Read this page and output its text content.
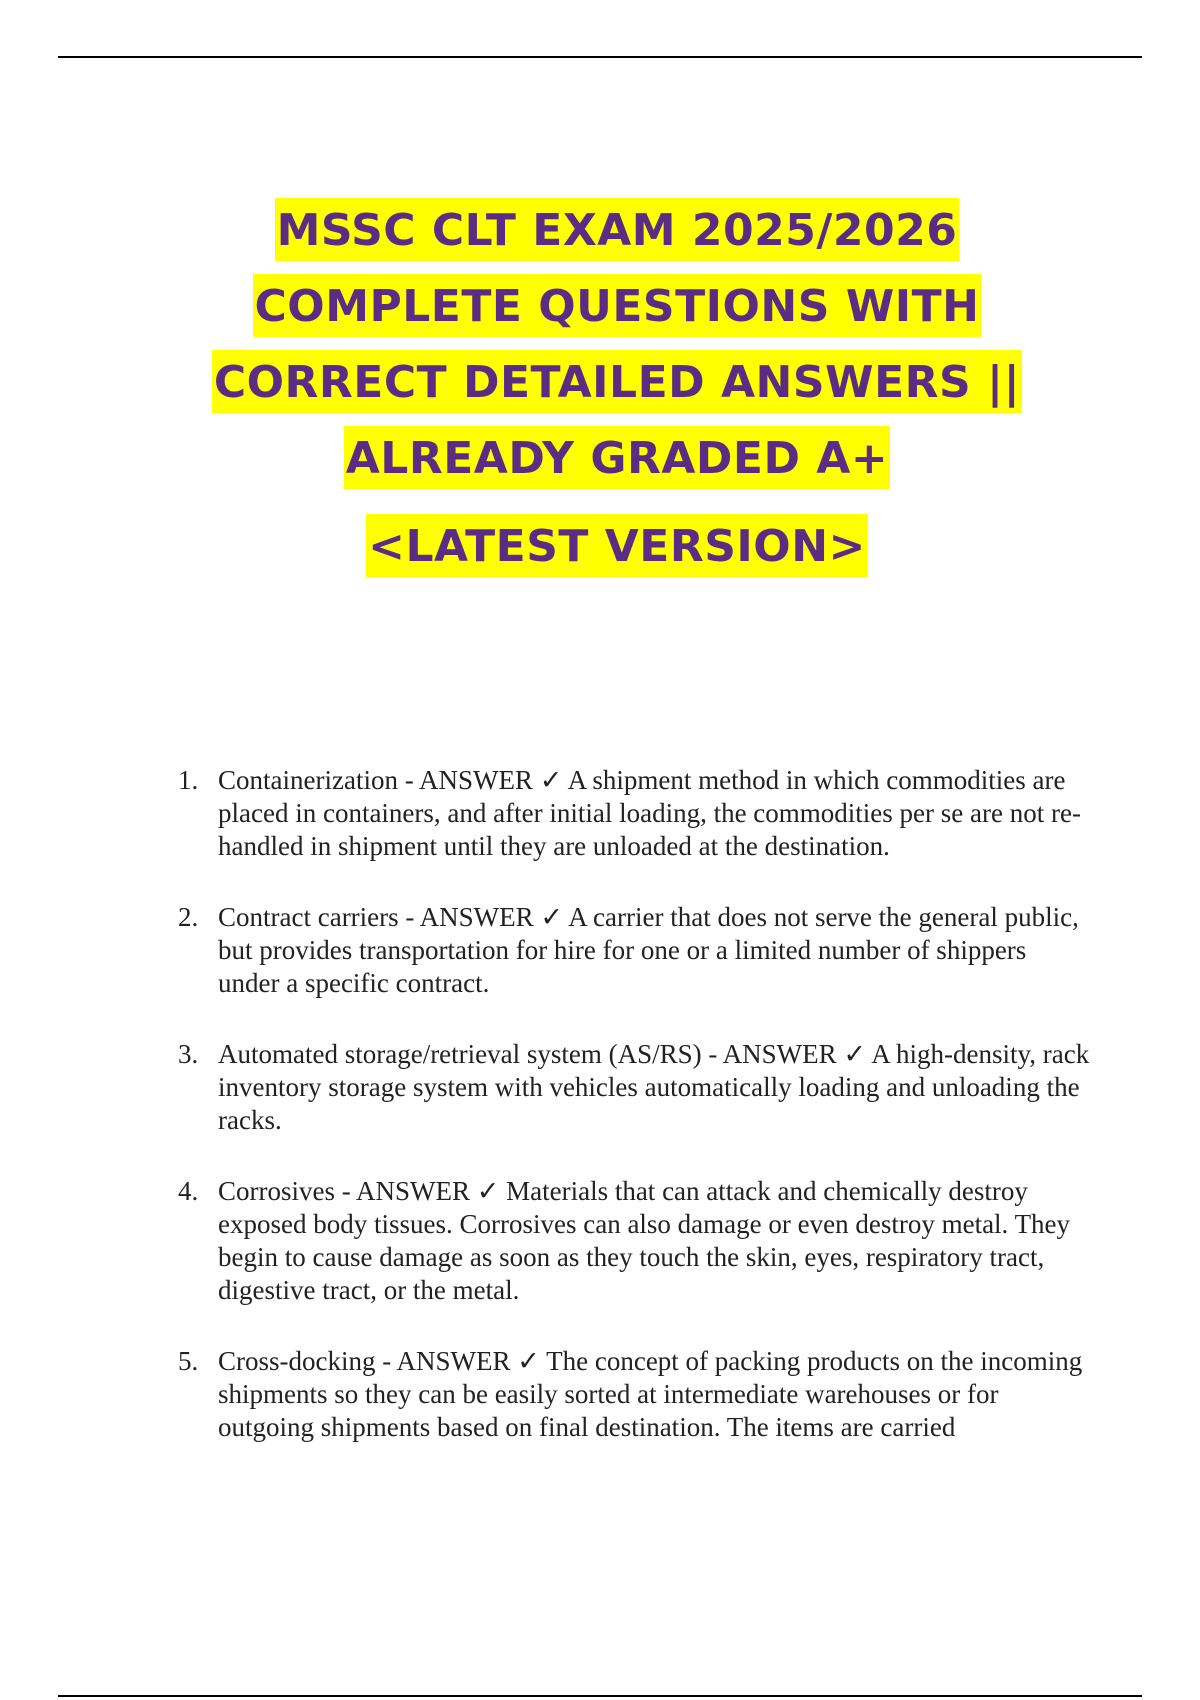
MSSC CLT EXAM 2025/2026
COMPLETE QUESTIONS WITH
CORRECT DETAILED ANSWERS ||
ALREADY GRADED A+
<LATEST VERSION>
1. Containerization - ANSWER ✓ A shipment method in which commodities are placed in containers, and after initial loading, the commodities per se are not re-handled in shipment until they are unloaded at the destination.
2. Contract carriers - ANSWER ✓ A carrier that does not serve the general public, but provides transportation for hire for one or a limited number of shippers under a specific contract.
3. Automated storage/retrieval system (AS/RS) - ANSWER ✓ A high-density, rack inventory storage system with vehicles automatically loading and unloading the racks.
4. Corrosives - ANSWER ✓ Materials that can attack and chemically destroy exposed body tissues. Corrosives can also damage or even destroy metal. They begin to cause damage as soon as they touch the skin, eyes, respiratory tract, digestive tract, or the metal.
5. Cross-docking - ANSWER ✓ The concept of packing products on the incoming shipments so they can be easily sorted at intermediate warehouses or for outgoing shipments based on final destination. The items are carried
